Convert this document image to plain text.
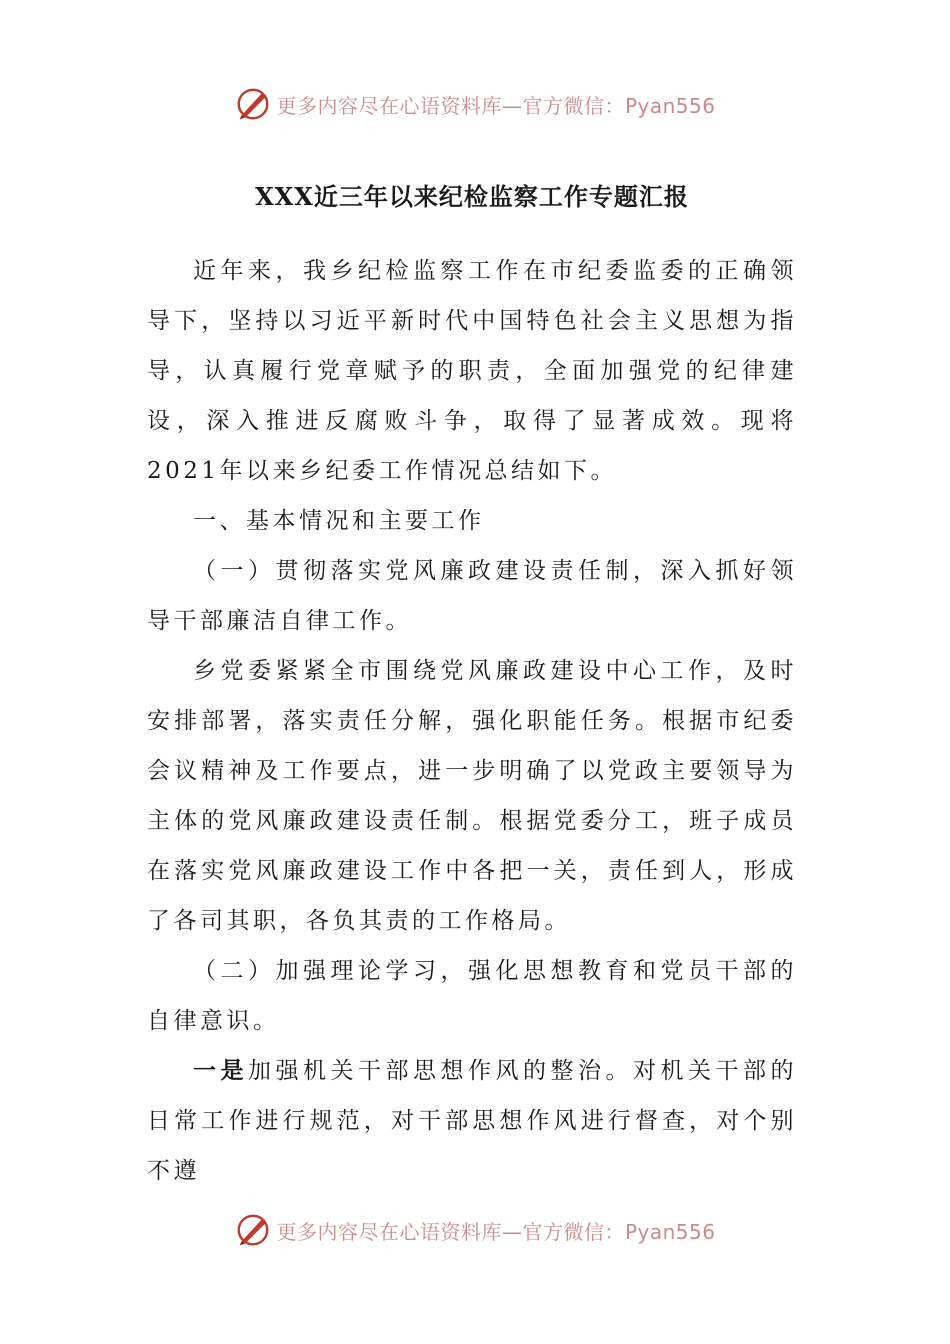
更多内容尽在心语资料库—官方微信：Pyan556
XXX近三年以来纪检监察工作专题汇报

近年来，我乡纪检监察工作在市纪委监委的正确领导下，坚持以习近平新时代中国特色社会主义思想为指导，认真履行党章赋予的职责，全面加强党的纪律建设，深入推进反腐败斗争，取得了显著成效。现将2021年以来乡纪委工作情况总结如下。

一、基本情况和主要工作

（一）贯彻落实党风廉政建设责任制，深入抓好领导干部廉洁自律工作。

乡党委紧紧全市围绕党风廉政建设中心工作，及时安排部署，落实责任分解，强化职能任务。根据市纪委会议精神及工作要点，进一步明确了以党政主要领导为主体的党风廉政建设责任制。根据党委分工，班子成员在落实党风廉政建设工作中各把一关，责任到人，形成了各司其职，各负其责的工作格局。

（二）加强理论学习，强化思想教育和党员干部的自律意识。

一是加强机关干部思想作风的整治。对机关干部的日常工作进行规范，对干部思想作风进行督查，对个别不遵

更多内容尽在心语资料库—官方微信：Pyan556
